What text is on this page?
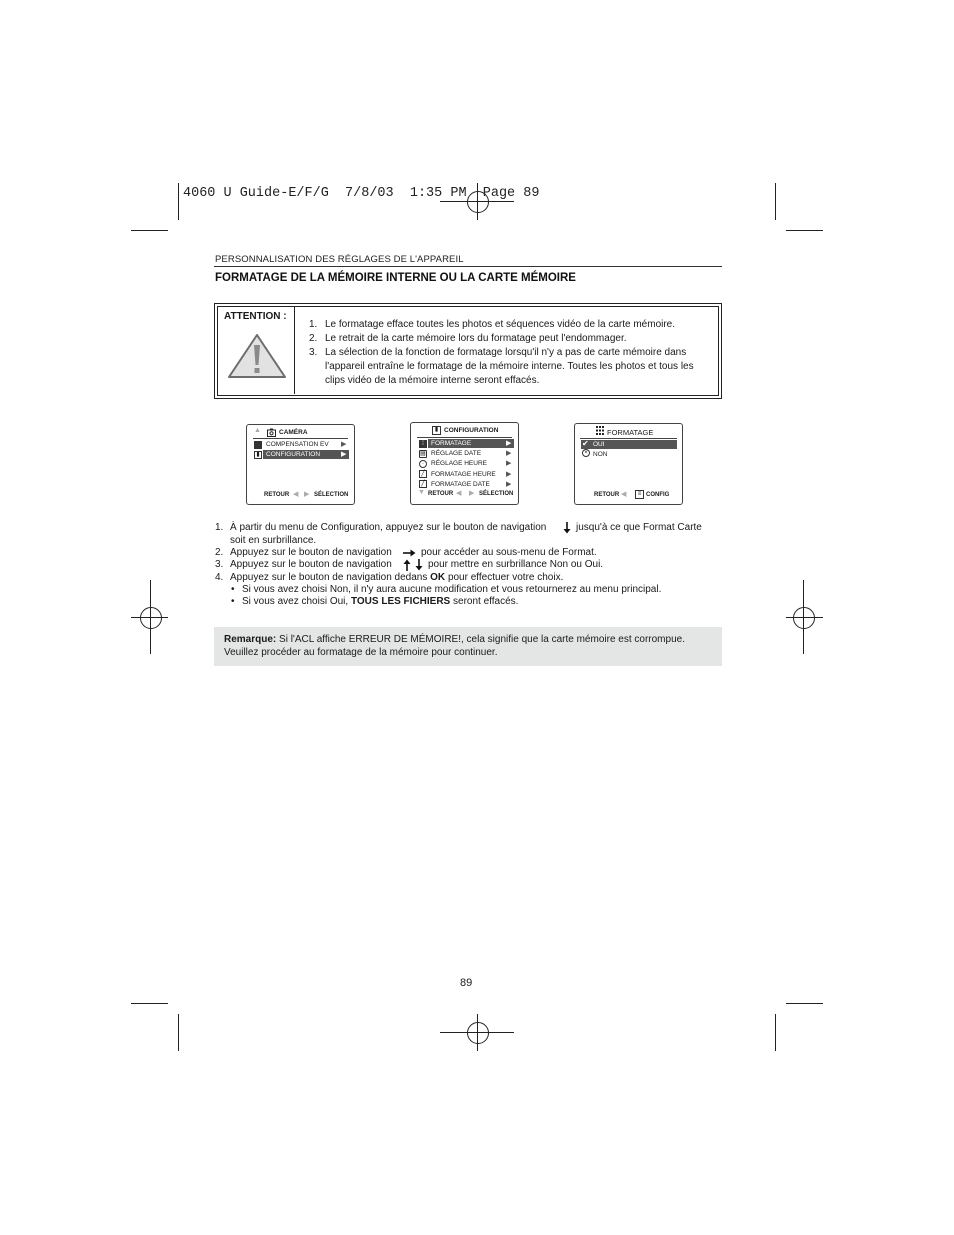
4060 U Guide-E/F/G  7/8/03  1:35 PM  Page 89
PERSONNALISATION DES RÉGLAGES DE L'APPAREIL
FORMATAGE DE LA MÉMOIRE INTERNE OU LA CARTE MÉMOIRE
ATTENTION :
1. Le formatage efface toutes les photos et séquences vidéo de la carte mémoire.
2. Le retrait de la carte mémoire lors du formatage peut l'endommager.
3. La sélection de la fonction de formatage lorsqu'il n'y a pas de carte mémoire dans l'appareil entraîne le formatage de la mémoire interne. Toutes les photos et tous les clips vidéo de la mémoire interne seront effacés.
▲	CAMÉRA
COMPENSATION EV	▶
▮ CONFIGURATION	▶
RETOUR ◀ ▶ SÉLECTION
▮ CONFIGURATION
⁞	FORMATAGE	▶
▤ RÉGLAGE DATE	▶
·	RÉGLAGE HEURE	▶
╱ FORMATAGE HEURE	▶
╱ FORMATAGE DATE	▶
▼ RETOUR ◀ ▶ SÉLECTION
FORMATAGE
OUI
✔
× NON
RETOUR ◀	≡ CONFIG
1. À partir du menu de Configuration, appuyez sur le bouton de navigation	jusqu'à ce que Format Carte
soit en surbrillance.
2. Appuyez sur le bouton de navigation	pour accéder au sous-menu de Format.
3. Appuyez sur le bouton de navigation	pour mettre en surbrillance Non ou Oui.
4. Appuyez sur le bouton de navigation dedans OK pour effectuer votre choix.
• Si vous avez choisi Non, il n'y aura aucune modification et vous retournerez au menu principal.
• Si vous avez choisi Oui, TOUS LES FICHIERS seront effacés.
Remarque: Si l'ACL affiche ERREUR DE MÉMOIRE!, cela signifie que la carte mémoire est corrompue.
Veuillez procéder au formatage de la mémoire pour continuer.
89
